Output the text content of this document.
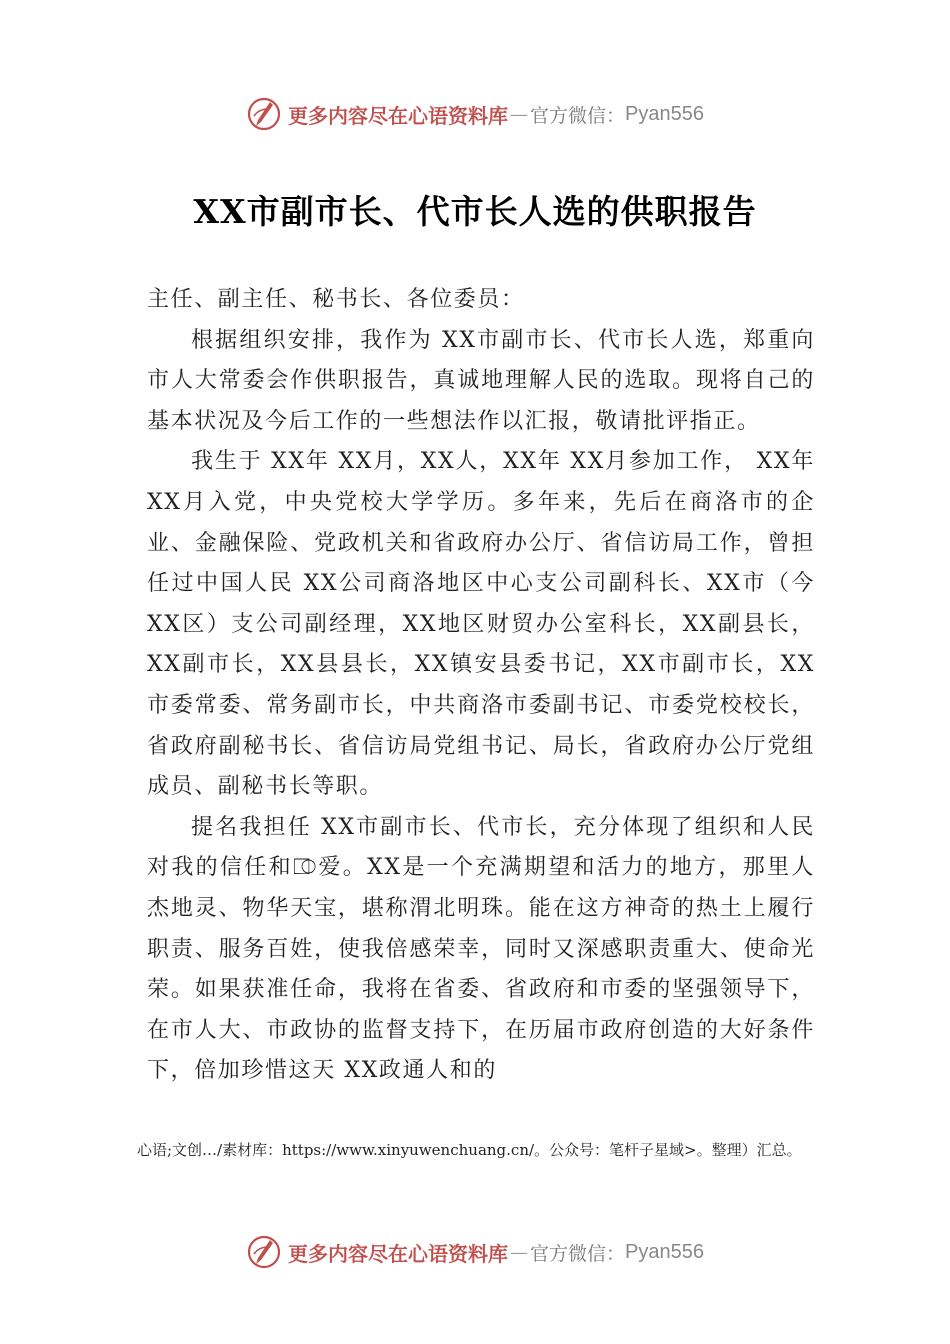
更多内容尽在心语资料库 — 官方微信： Pyan556
XX市副市长、代市长人选的供职报告

主任、副主任、秘书长、各位委员：

根据组织安排，我作为 XX市副市长、代市长人选，郑重向市人大常委会作供职报告，真诚地理解人民的选取。现将自己的基本状况及今后工作的一些想法作以汇报，敬请批评指正。

我生于 XX年 XX月，XX人，XX年 XX月参加工作， XX年 XX月入党，中央党校大学学历。多年来，先后在商洛市的企业、金融保险、党政机关和省政府办公厅、省信访局工作，曾担任过中国人民 XX公司商洛地区中心支公司副科长、XX市（今 XX区）支公司副经理，XX地区财贸办公室科长，XX副县长，XX副市长，XX县县长，XX镇安县委书记，XX市副市长，XX市委常委、常务副市长，中共商洛市委副书记、市委党校校长，省政府副秘书长、省信访局党组书记、局长，省政府办公厅党组成员、副秘书长等职。

提名我担任 XX市副市长、代市长，充分体现了组织和人民对我的信任和⎄爱。XX是一个充满期望和活力的地方，那里人杰地灵、物华天宝，堪称渭北明珠。能在这方神奇的热土上履行职责、服务百姓，使我倍感荣幸，同时又深感职责重大、使命光荣。如果获准任命，我将在省委、省政府和市委的坚强领导下，在市人大、市政协的监督支持下，在历届市政府创造的大好条件下，倍加珍惜这天 XX政通人和的

心语;文创…/素材库：https://www.xinyuwenchuang.cn/。公众号：笔杆子星域>。整理）汇总。
更多内容尽在心语资料库 — 官方微信： Pyan556
